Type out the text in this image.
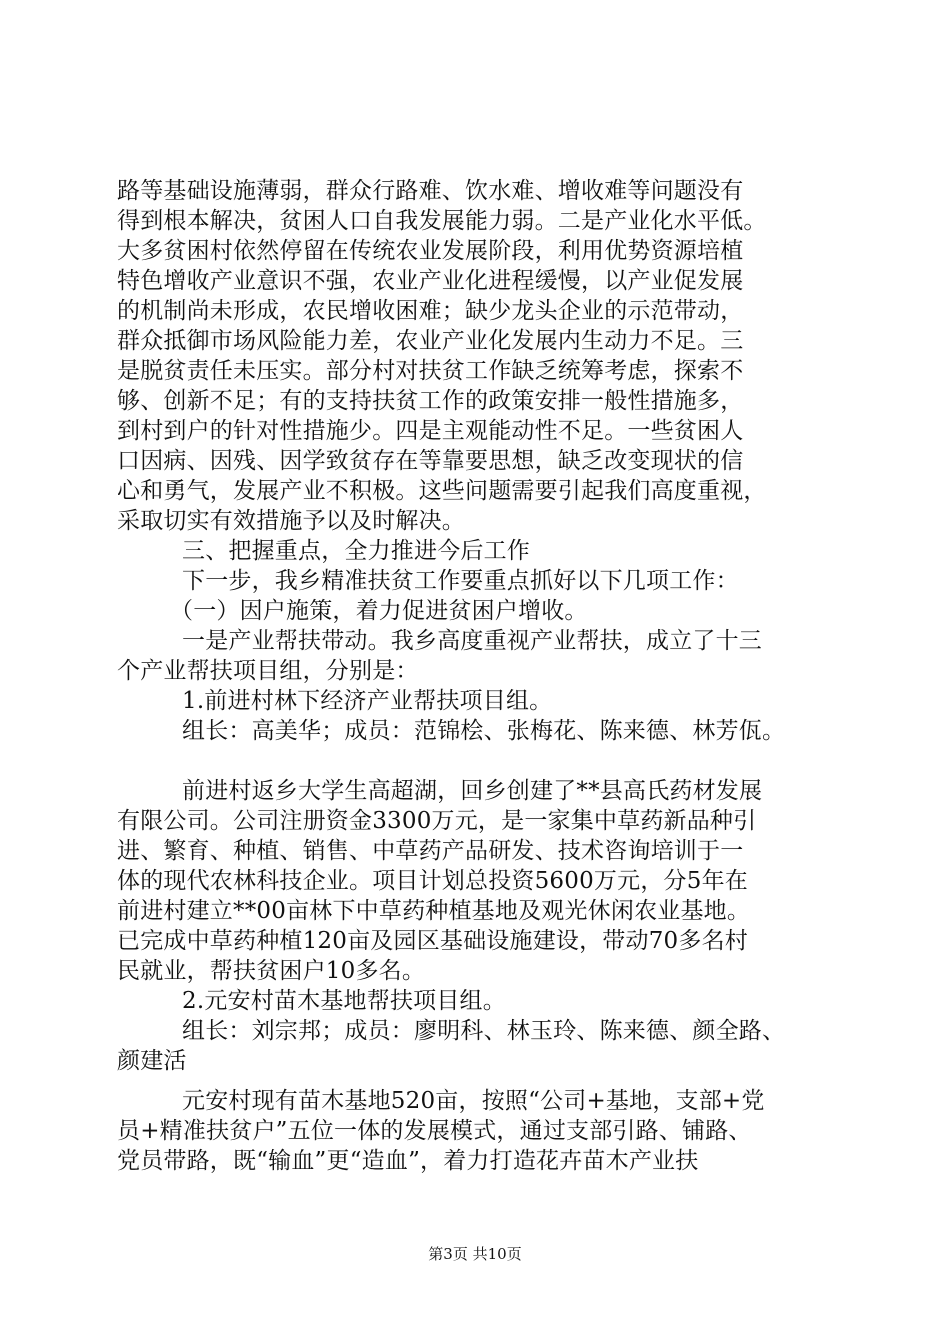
路等基础设施薄弱，群众行路难、饮水难、增收难等问题没有
得到根本解决，贫困人口自我发展能力弱。二是产业化水平低。
大多贫困村依然停留在传统农业发展阶段，利用优势资源培植
特色增收产业意识不强，农业产业化进程缓慢，以产业促发展
的机制尚未形成，农民增收困难；缺少龙头企业的示范带动，
群众抵御市场风险能力差，农业产业化发展内生动力不足。三
是脱贫责任未压实。部分村对扶贫工作缺乏统筹考虑，探索不
够、创新不足；有的支持扶贫工作的政策安排一般性措施多，
到村到户的针对性措施少。四是主观能动性不足。一些贫困人
口因病、因残、因学致贫存在等靠要思想，缺乏改变现状的信
心和勇气，发展产业不积极。这些问题需要引起我们高度重视，
采取切实有效措施予以及时解决。
三、把握重点，全力推进今后工作
下一步，我乡精准扶贫工作要重点抓好以下几项工作：
（一）因户施策，着力促进贫困户增收。
一是产业帮扶带动。我乡高度重视产业帮扶，成立了十三
个产业帮扶项目组，分别是：
1.前进村林下经济产业帮扶项目组。
组长：高美华；成员：范锦桧、张梅花、陈来德、林芳佤。
前进村返乡大学生高超湖，回乡创建了**县高氏药材发展
有限公司。公司注册资金3300万元，是一家集中草药新品种引
进、繁育、种植、销售、中草药产品研发、技术咨询培训于一
体的现代农林科技企业。项目计划总投资5600万元，分5年在
前进村建立**00亩林下中草药种植基地及观光休闲农业基地。
已完成中草药种植120亩及园区基础设施建设，带动70多名村
民就业，帮扶贫困户10多名。
2.元安村苗木基地帮扶项目组。
组长：刘宗邦；成员：廖明科、林玉玲、陈来德、颜全路、
颜建活
元安村现有苗木基地520亩，按照“公司+基地，支部+党
员+精准扶贫户”五位一体的发展模式，通过支部引路、铺路、
党员带路，既“输血”更“造血”，着力打造花卉苗木产业扶
第3页 共10页
